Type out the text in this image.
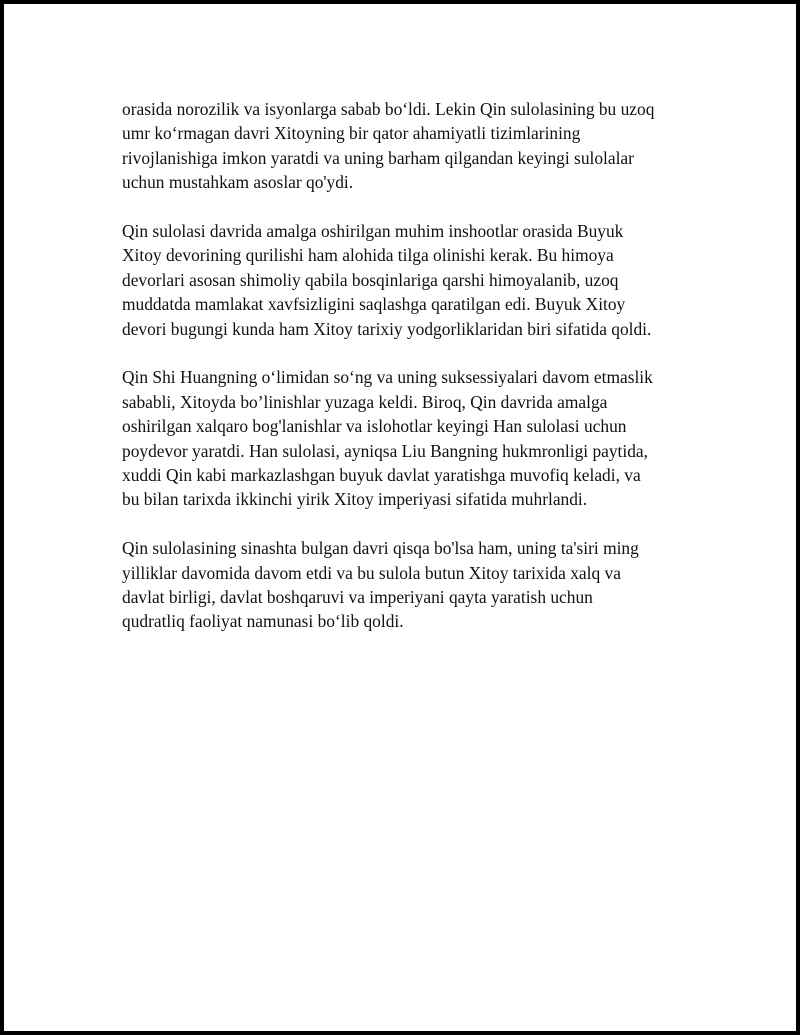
orasida norozilik va isyonlarga sabab bo‘ldi. Lekin Qin sulolasining bu uzoq
umr ko‘rmagan davri Xitoyning bir qator ahamiyatli tizimlarining
rivojlanishiga imkon yaratdi va uning barham qilgandan keyingi sulolalar
uchun mustahkam asoslar qo'ydi.

Qin sulolasi davrida amalga oshirilgan muhim inshootlar orasida Buyuk
Xitoy devorining qurilishi ham alohida tilga olinishi kerak. Bu himoya
devorlari asosan shimoliy qabila bosqinlariga qarshi himoyalanib, uzoq
muddatda mamlakat xavfsizligini saqlashga qaratilgan edi. Buyuk Xitoy
devori bugungi kunda ham Xitoy tarixiy yodgorliklaridan biri sifatida qoldi.

Qin Shi Huangning o‘limidan so‘ng va uning suksessiyalari davom etmaslik
sababli, Xitoyda bo’linishlar yuzaga keldi. Biroq, Qin davrida amalga
oshirilgan xalqaro bog'lanishlar va islohotlar keyingi Han sulolasi uchun
poydevor yaratdi. Han sulolasi, ayniqsa Liu Bangning hukmronligi paytida,
xuddi Qin kabi markazlashgan buyuk davlat yaratishga muvofiq keladi, va
bu bilan tarixda ikkinchi yirik Xitoy imperiyasi sifatida muhrlandi.

Qin sulolasining sinashta bulgan davri qisqa bo'lsa ham, uning ta'siri ming
yilliklar davomida davom etdi va bu sulola butun Xitoy tarixida xalq va
davlat birligi, davlat boshqaruvi va imperiyani qayta yaratish uchun
qudratliq faoliyat namunasi bo‘lib qoldi.
